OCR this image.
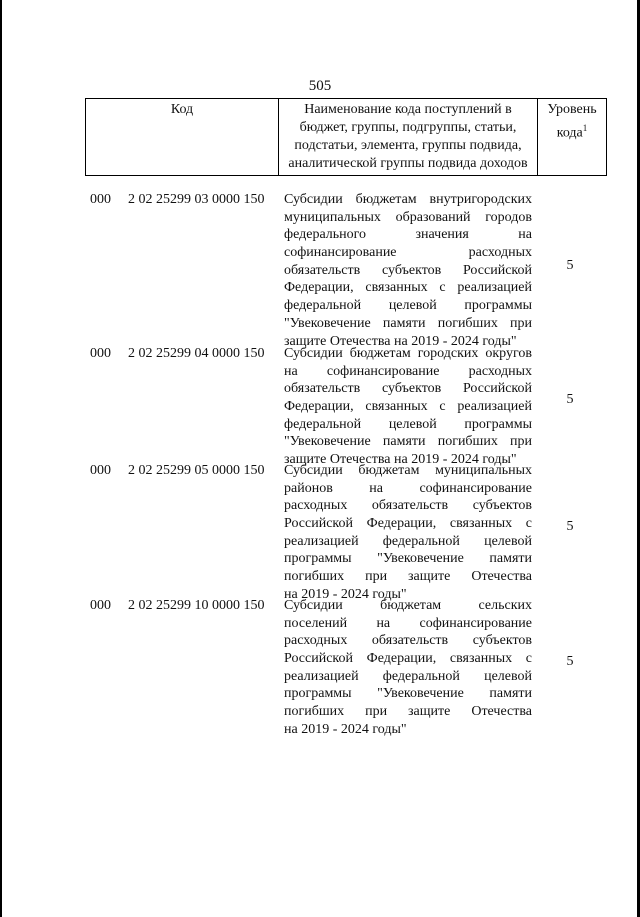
505
Код	Наименование кода поступлений в бюджет, группы, подгруппы, статьи, подстатьи, элемента, группы подвида, аналитической группы подвида доходов	Уровень кода$^1$
000	2 02 25299 03 0000 150	Субсидии бюджетам внутригородских
муниципальных образований городов
федерального значения на
софинансирование расходных
обязательств субъектов Российской
Федерации, связанных с реализацией
федеральной целевой программы
"Увековечение памяти погибших при
защите Отечества на 2019 - 2024 годы"
5
000	2 02 25299 04 0000 150	Субсидии бюджетам городских округов
на софинансирование расходных
обязательств субъектов Российской
Федерации, связанных с реализацией
федеральной целевой программы
"Увековечение памяти погибших при
защите Отечества на 2019 - 2024 годы"
5
000	2 02 25299 05 0000 150	Субсидии бюджетам муниципальных
районов на софинансирование
расходных обязательств субъектов
Российской Федерации, связанных с
реализацией федеральной целевой
программы "Увековечение памяти
погибших при защите Отечества
на 2019 - 2024 годы"
5
000	2 02 25299 10 0000 150	Субсидии бюджетам сельских
поселений на софинансирование
расходных обязательств субъектов
Российской Федерации, связанных с
реализацией федеральной целевой
программы "Увековечение памяти
погибших при защите Отечества
на 2019 - 2024 годы"
5
